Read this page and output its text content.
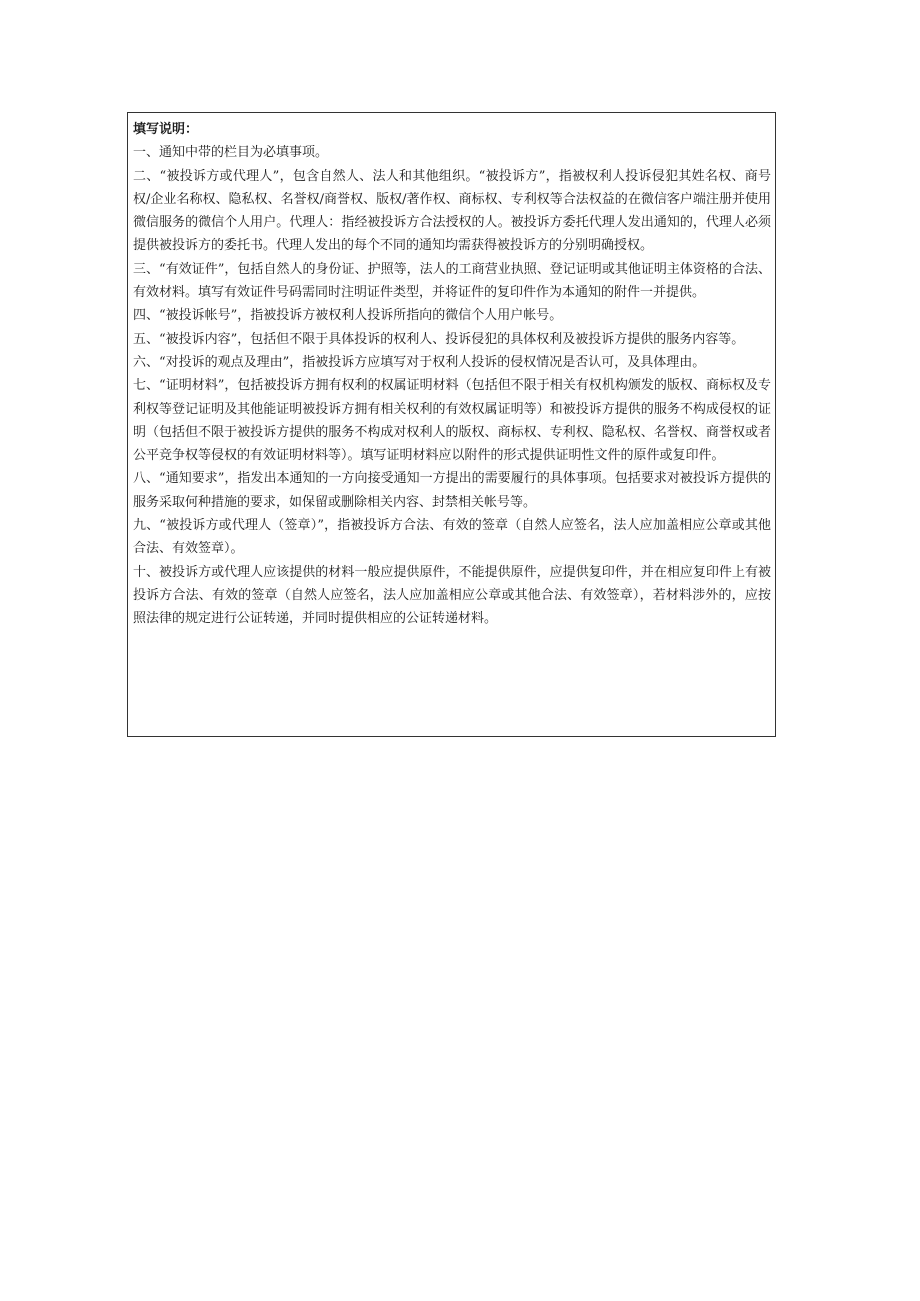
填写说明：

一、通知中带的栏目为必填事项。

二、“被投诉方或代理人”，包含自然人、法人和其他组织。“被投诉方”，指被权利人投诉侵犯其姓名权、商号权/企业名称权、隐私权、名誉权/商誉权、版权/著作权、商标权、专利权等合法权益的在微信客户端注册并使用微信服务的微信个人用户。代理人：指经被投诉方合法授权的人。被投诉方委托代理人发出通知的，代理人必须提供被投诉方的委托书。代理人发出的每个不同的通知均需获得被投诉方的分别明确授权。

三、“有效证件”，包括自然人的身份证、护照等，法人的工商营业执照、登记证明或其他证明主体资格的合法、有效材料。填写有效证件号码需同时注明证件类型，并将证件的复印件作为本通知的附件一并提供。

四、“被投诉帐号”，指被投诉方被权利人投诉所指向的微信个人用户帐号。

五、“被投诉内容”，包括但不限于具体投诉的权利人、投诉侵犯的具体权利及被投诉方提供的服务内容等。

六、“对投诉的观点及理由”，指被投诉方应填写对于权利人投诉的侵权情况是否认可，及具体理由。

七、“证明材料”，包括被投诉方拥有权利的权属证明材料（包括但不限于相关有权机构颁发的版权、商标权及专利权等登记证明及其他能证明被投诉方拥有相关权利的有效权属证明等）和被投诉方提供的服务不构成侵权的证明（包括但不限于被投诉方提供的服务不构成对权利人的版权、商标权、专利权、隐私权、名誉权、商誉权或者公平竞争权等侵权的有效证明材料等）。填写证明材料应以附件的形式提供证明性文件的原件或复印件。

八、“通知要求”，指发出本通知的一方向接受通知一方提出的需要履行的具体事项。包括要求对被投诉方提供的服务采取何种措施的要求，如保留或删除相关内容、封禁相关帐号等。

九、“被投诉方或代理人（签章）”，指被投诉方合法、有效的签章（自然人应签名，法人应加盖相应公章或其他合法、有效签章）。

十、被投诉方或代理人应该提供的材料一般应提供原件，不能提供原件，应提供复印件，并在相应复印件上有被投诉方合法、有效的签章（自然人应签名，法人应加盖相应公章或其他合法、有效签章），若材料涉外的，应按照法律的规定进行公证转递，并同时提供相应的公证转递材料。
